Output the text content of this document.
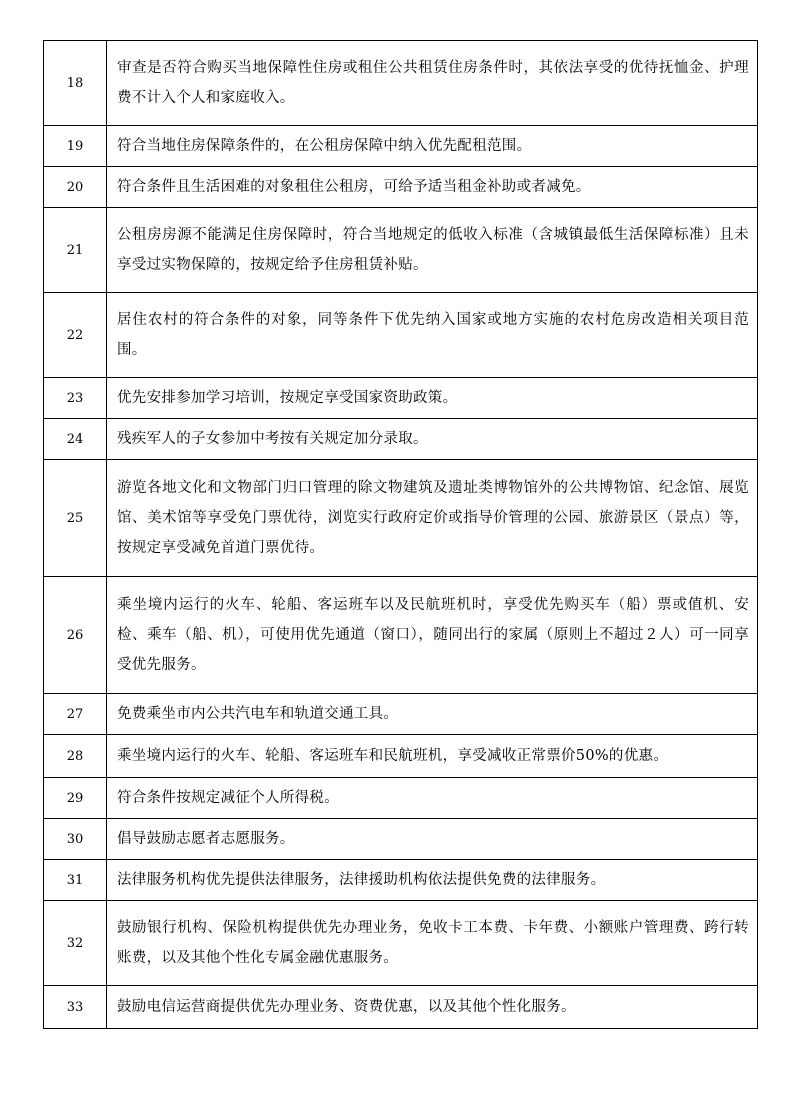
18	审查是否符合购买当地保障性住房或租住公共租赁住房条件时，其依法享受的优待抚恤金、护理费不计入个人和家庭收入。
19	符合当地住房保障条件的，在公租房保障中纳入优先配租范围。
20	符合条件且生活困难的对象租住公租房，可给予适当租金补助或者减免。
21	公租房房源不能满足住房保障时，符合当地规定的低收入标准（含城镇最低生活保障标准）且未享受过实物保障的，按规定给予住房租赁补贴。
22	居住农村的符合条件的对象，同等条件下优先纳入国家或地方实施的农村危房改造相关项目范围。
23	优先安排参加学习培训，按规定享受国家资助政策。
24	残疾军人的子女参加中考按有关规定加分录取。
25	游览各地文化和文物部门归口管理的除文物建筑及遗址类博物馆外的公共博物馆、纪念馆、展览馆、美术馆等享受免门票优待，浏览实行政府定价或指导价管理的公园、旅游景区（景点）等，按规定享受减免首道门票优待。
26	乘坐境内运行的火车、轮船、客运班车以及民航班机时，享受优先购买车（船）票或值机、安检、乘车（船、机），可使用优先通道（窗口），随同出行的家属（原则上不超过２人）可一同享受优先服务。
27	免费乘坐市内公共汽电车和轨道交通工具。
28	乘坐境内运行的火车、轮船、客运班车和民航班机，享受减收正常票价50%的优惠。
29	符合条件按规定减征个人所得税。
30	倡导鼓励志愿者志愿服务。
31	法律服务机构优先提供法律服务，法律援助机构依法提供免费的法律服务。
32	鼓励银行机构、保险机构提供优先办理业务，免收卡工本费、卡年费、小额账户管理费、跨行转账费，以及其他个性化专属金融优惠服务。
33	鼓励电信运营商提供优先办理业务、资费优惠，以及其他个性化服务。
